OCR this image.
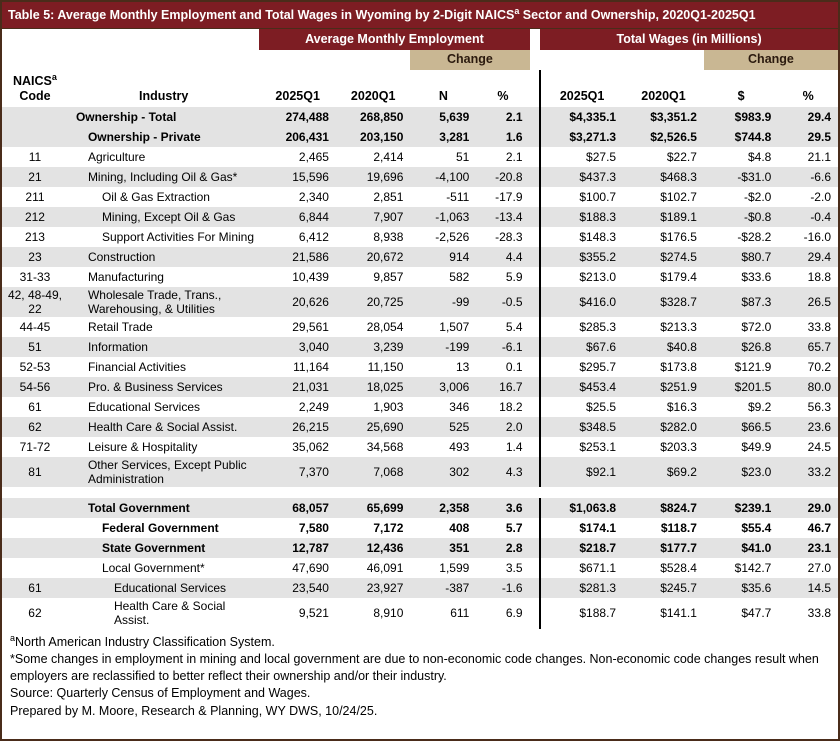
Table 5: Average Monthly Employment and Total Wages in Wyoming by 2-Digit NAICS$^a$ Sector and Ownership, 2020Q1-2025Q1
		Average Monthly Employment					Total Wages (in Millions)			
				Change					Change	
NAICS$^a$
Code	Industry	2025Q1	2020Q1	N	%		2025Q1	2020Q1	$	%
	Ownership - Total	274,488	268,850	5,639	2.1		$4,335.1	$3,351.2	$983.9	29.4
	Ownership - Private	206,431	203,150	3,281	1.6		$3,271.3	$2,526.5	$744.8	29.5
11	Agriculture	2,465	2,414	51	2.1		$27.5	$22.7	$4.8	21.1
21	Mining, Including Oil & Gas*	15,596	19,696	-4,100	-20.8		$437.3	$468.3	-$31.0	-6.6
211	Oil & Gas Extraction	2,340	2,851	-511	-17.9		$100.7	$102.7	-$2.0	-2.0
212	Mining, Except Oil & Gas	6,844	7,907	-1,063	-13.4		$188.3	$189.1	-$0.8	-0.4
213	Support Activities For Mining	6,412	8,938	-2,526	-28.3		$148.3	$176.5	-$28.2	-16.0
23	Construction	21,586	20,672	914	4.4		$355.2	$274.5	$80.7	29.4
31-33	Manufacturing	10,439	9,857	582	5.9		$213.0	$179.4	$33.6	18.8
42, 48-49, 22	Wholesale Trade, Trans., Warehousing, & Utilities	20,626	20,725	-99	-0.5		$416.0	$328.7	$87.3	26.5
44-45	Retail Trade	29,561	28,054	1,507	5.4		$285.3	$213.3	$72.0	33.8
51	Information	3,040	3,239	-199	-6.1		$67.6	$40.8	$26.8	65.7
52-53	Financial Activities	11,164	11,150	13	0.1		$295.7	$173.8	$121.9	70.2
54-56	Pro. & Business Services	21,031	18,025	3,006	16.7		$453.4	$251.9	$201.5	80.0
61	Educational Services	2,249	1,903	346	18.2		$25.5	$16.3	$9.2	56.3
62	Health Care & Social Assist.	26,215	25,690	525	2.0		$348.5	$282.0	$66.5	23.6
71-72	Leisure & Hospitality	35,062	34,568	493	1.4		$253.1	$203.3	$49.9	24.5
81	Other Services, Except Public Administration	7,370	7,068	302	4.3		$92.1	$69.2	$23.0	33.2

	Total Government	68,057	65,699	2,358	3.6		$1,063.8	$824.7	$239.1	29.0
	Federal Government	7,580	7,172	408	5.7		$174.1	$118.7	$55.4	46.7
	State Government	12,787	12,436	351	2.8		$218.7	$177.7	$41.0	23.1
	Local Government*	47,690	46,091	1,599	3.5		$671.1	$528.4	$142.7	27.0
61	Educational Services	23,540	23,927	-387	-1.6		$281.3	$245.7	$35.6	14.5
62	Health Care & Social Assist.	9,521	8,910	611	6.9		$188.7	$141.1	$47.7	33.8

$^a$North American Industry Classification System.

*Some changes in employment in mining and local government are due to non-economic code changes. Non-economic code changes result when employers are reclassified to better reflect their ownership and/or their industry.

Source: Quarterly Census of Employment and Wages.

Prepared by M. Moore, Research & Planning, WY DWS, 10/24/25.
